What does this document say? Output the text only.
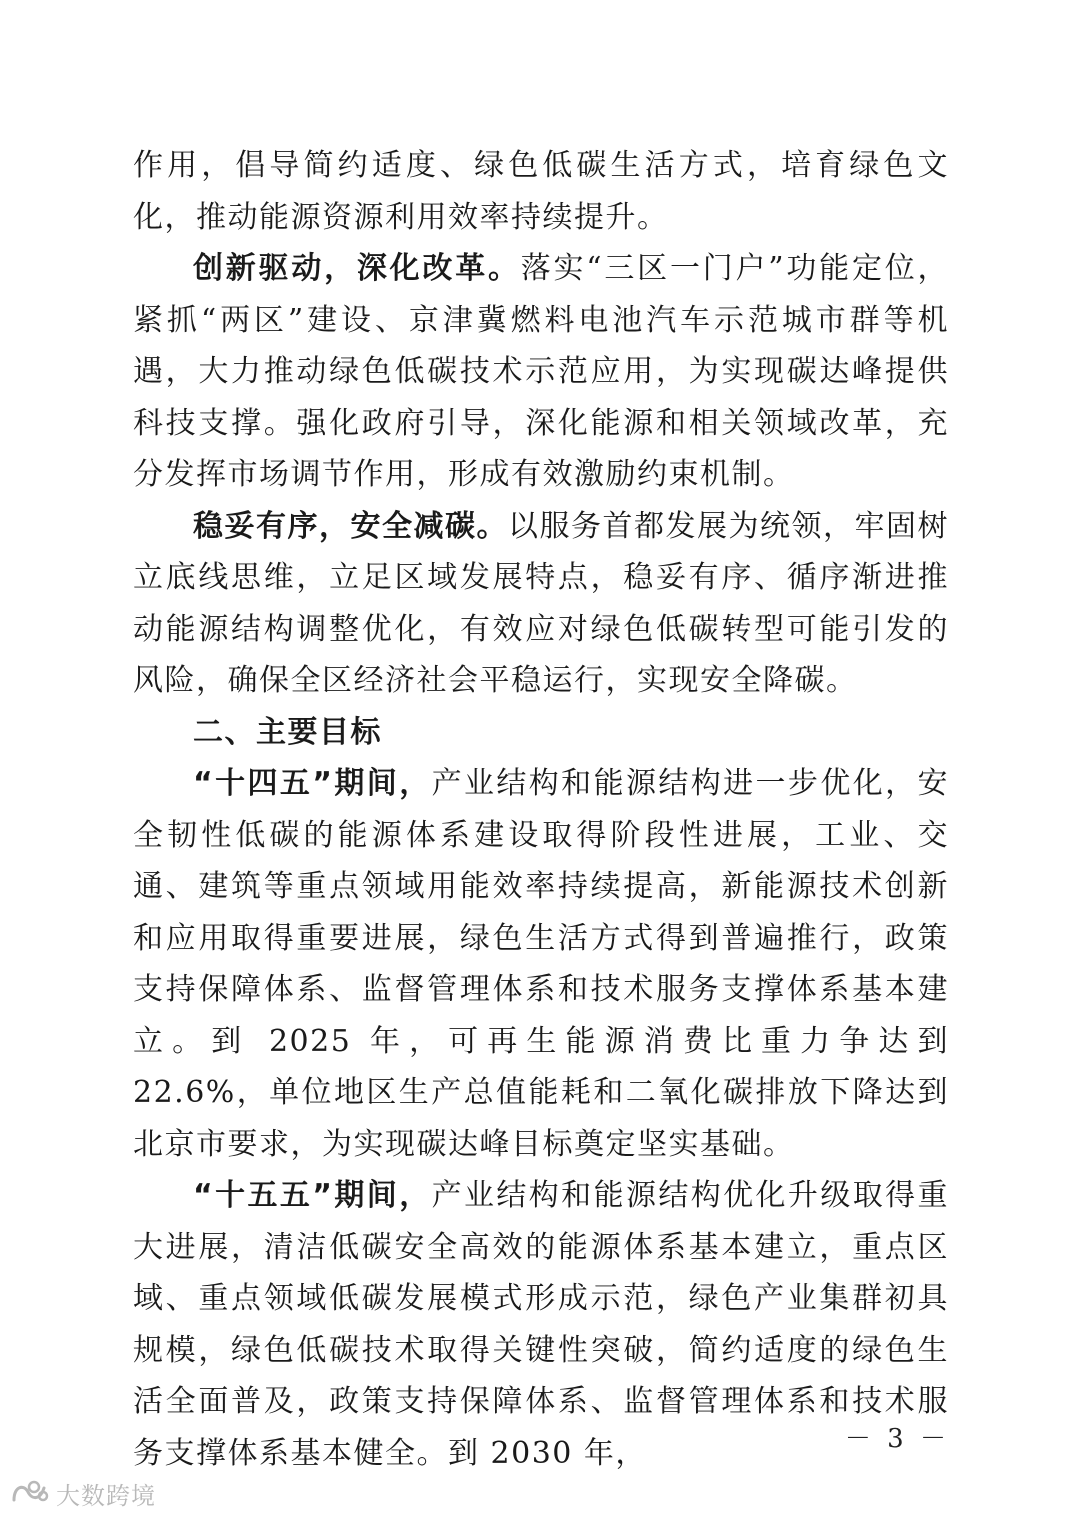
作用，倡导简约适度、绿色低碳生活方式，培育绿色文化，推动能源资源利用效率持续提升。

创新驱动，深化改革。落实“三区一门户”功能定位，紧抓“两区”建设、京津冀燃料电池汽车示范城市群等机遇，大力推动绿色低碳技术示范应用，为实现碳达峰提供科技支撑。强化政府引导，深化能源和相关领域改革，充分发挥市场调节作用，形成有效激励约束机制。

稳妥有序，安全减碳。以服务首都发展为统领，牢固树立底线思维，立足区域发展特点，稳妥有序、循序渐进推动能源结构调整优化，有效应对绿色低碳转型可能引发的风险，确保全区经济社会平稳运行，实现安全降碳。

二、主要目标

“十四五”期间，产业结构和能源结构进一步优化，安全韧性低碳的能源体系建设取得阶段性进展，工业、交通、建筑等重点领域用能效率持续提高，新能源技术创新和应用取得重要进展，绿色生活方式得到普遍推行，政策支持保障体系、监督管理体系和技术服务支撑体系基本建立。到 2025 年，可再生能源消费比重力争达到 22.6%，单位地区生产总值能耗和二氧化碳排放下降达到北京市要求，为实现碳达峰目标奠定坚实基础。

“十五五”期间，产业结构和能源结构优化升级取得重大进展，清洁低碳安全高效的能源体系基本建立，重点区域、重点领域低碳发展模式形成示范，绿色产业集群初具规模，绿色低碳技术取得关键性突破，简约适度的绿色生活全面普及，政策支持保障体系、监督管理体系和技术服务支撑体系基本健全。到 2030 年，	－ 3 －
大数跨境
